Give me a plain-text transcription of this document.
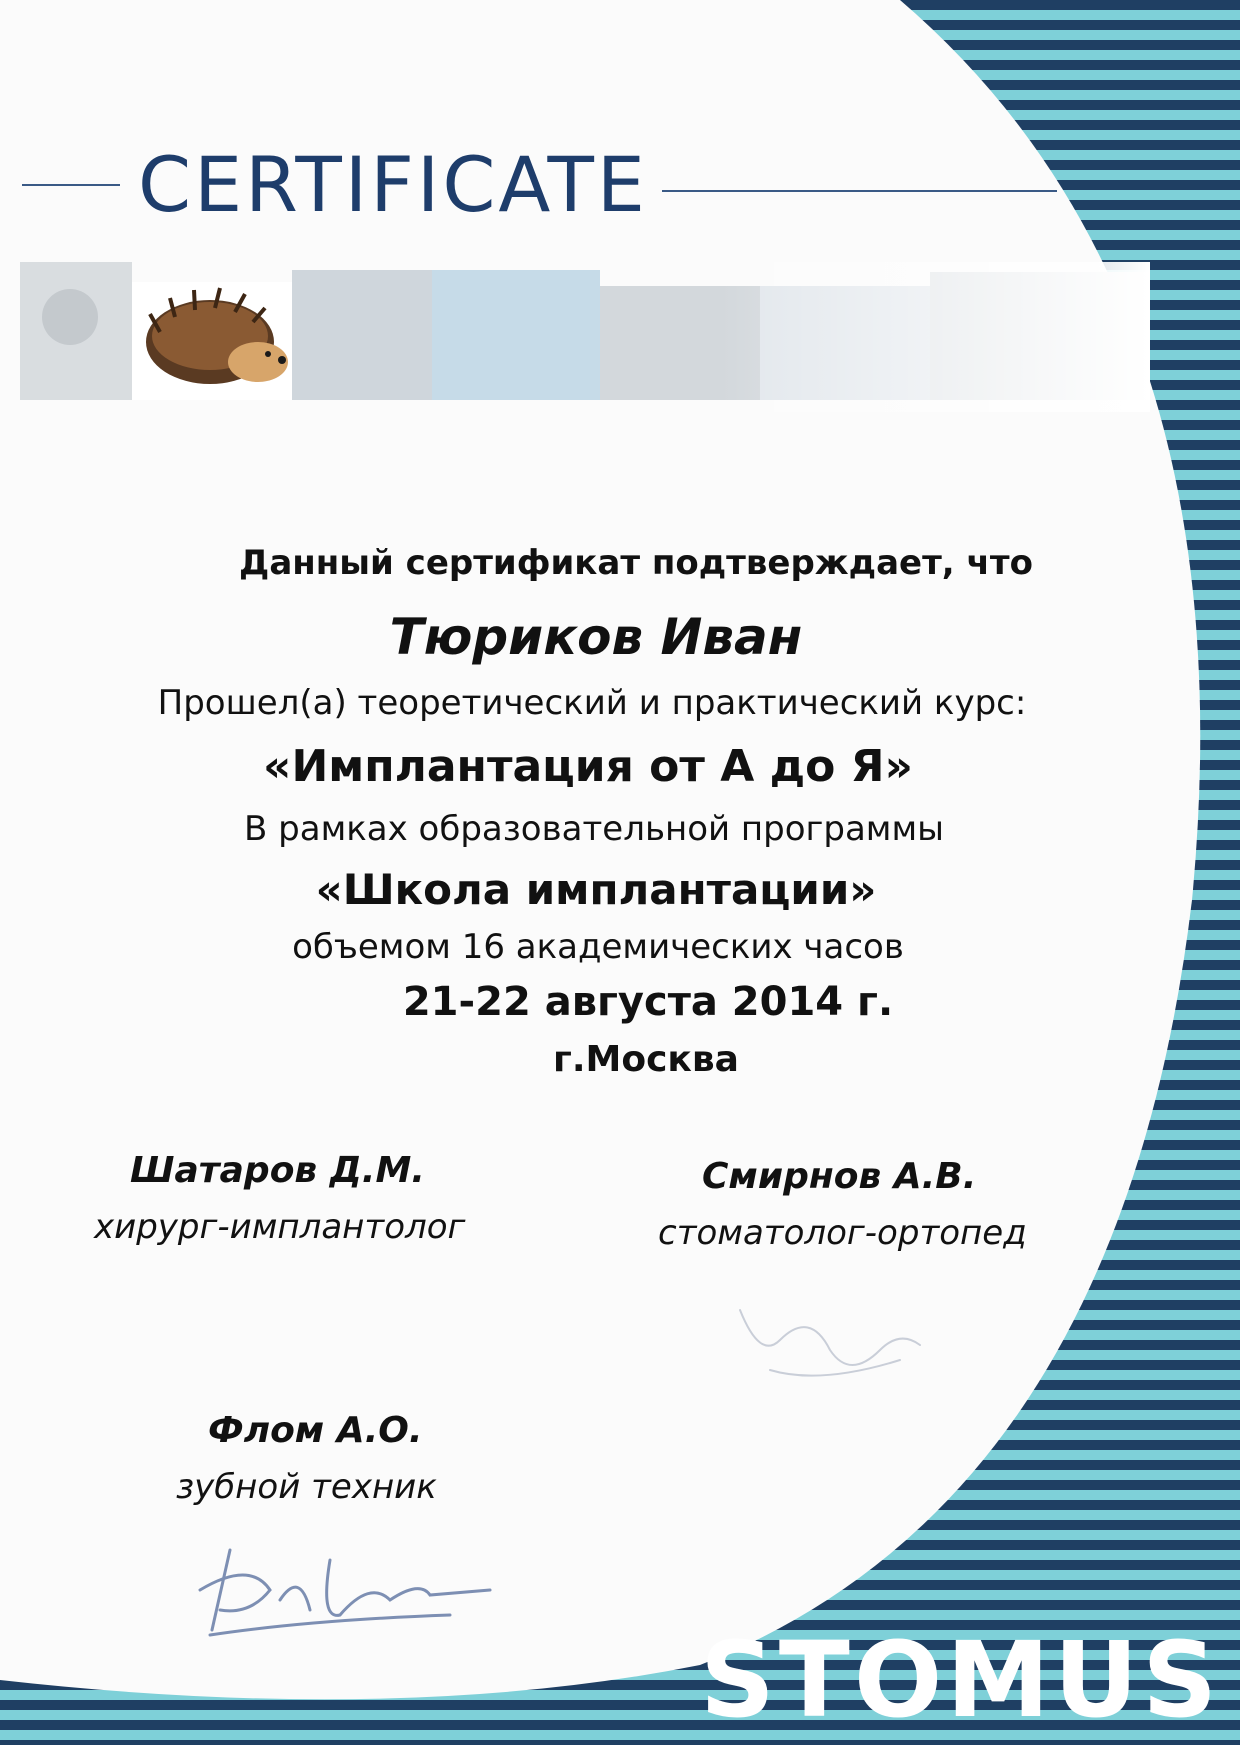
CERTIFICATE
Данный сертификат подтверждает, что
Тюриков Иван
Прошел(а) теоретический и практический курс:
«Имплантация от А до Я»
В рамках образовательной программы
«Школа имплантации»
объемом 16 академических часов
21-22 августа 2014 г.
г.Москва
Шатаров Д.М.
хирург-имплантолог
Смирнов А.В.
стоматолог-ортопед
Флом А.О.
зубной техник
STOMUS
